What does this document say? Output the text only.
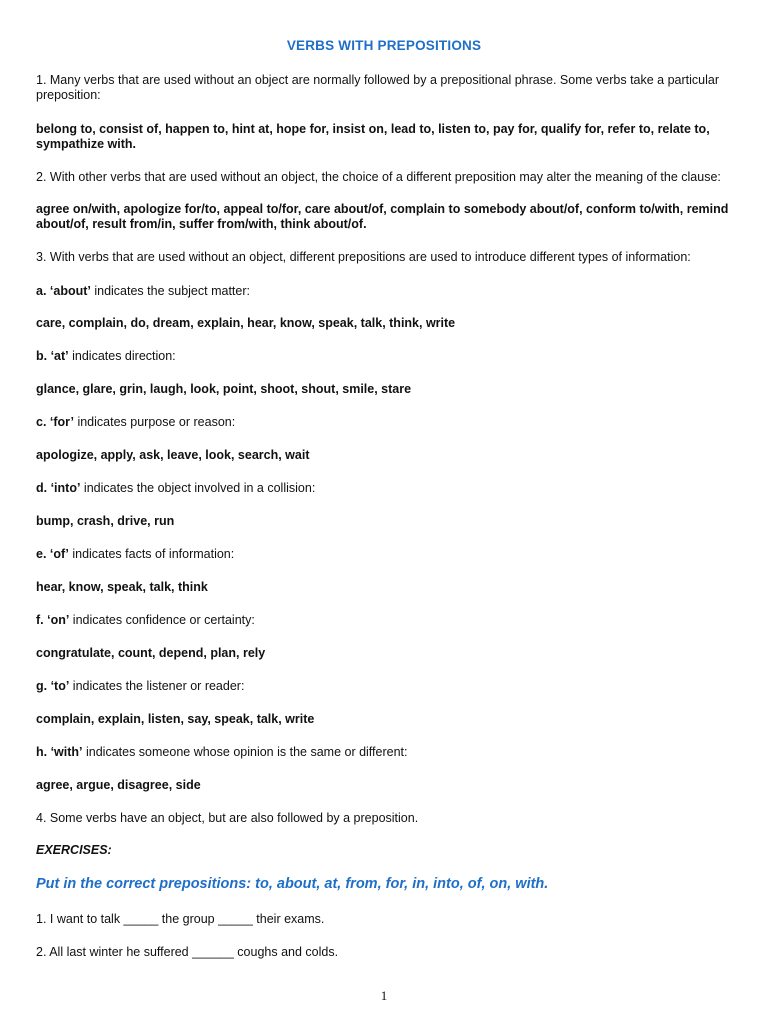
VERBS WITH PREPOSITIONS
1. Many verbs that are used without an object are normally followed by a prepositional phrase. Some verbs take a particular preposition:
belong to, consist of, happen to, hint at, hope for, insist on, lead to, listen to, pay for, qualify for, refer to, relate to, sympathize with.
2. With other verbs that are used without an object, the choice of a different preposition may alter the meaning of the clause:
agree on/with, apologize for/to, appeal to/for, care about/of, complain to somebody about/of, conform to/with, remind about/of, result from/in, suffer from/with, think about/of.
3. With verbs that are used without an object, different prepositions are used to introduce different types of information:
a. ‘about’ indicates the subject matter:
care, complain, do, dream, explain, hear, know, speak, talk, think, write
b. ‘at’ indicates direction:
glance, glare, grin, laugh, look, point, shoot, shout, smile, stare
c. ‘for’ indicates purpose or reason:
apologize, apply, ask, leave, look, search, wait
d. ‘into’ indicates the object involved in a collision:
bump, crash, drive, run
e. ‘of’ indicates facts of information:
hear, know, speak, talk, think
f. ‘on’ indicates confidence or certainty:
congratulate, count, depend, plan, rely
g. ‘to’ indicates the listener or reader:
complain, explain, listen, say, speak, talk, write
h. ‘with’ indicates someone whose opinion is the same or different:
agree, argue, disagree, side
4. Some verbs have an object, but are also followed by a preposition.
EXERCISES:
Put in the correct prepositions: to, about, at, from, for, in, into, of, on, with.
1. I want to talk _____ the group _____ their exams.
2. All last winter he suffered ______ coughs and colds.
1
